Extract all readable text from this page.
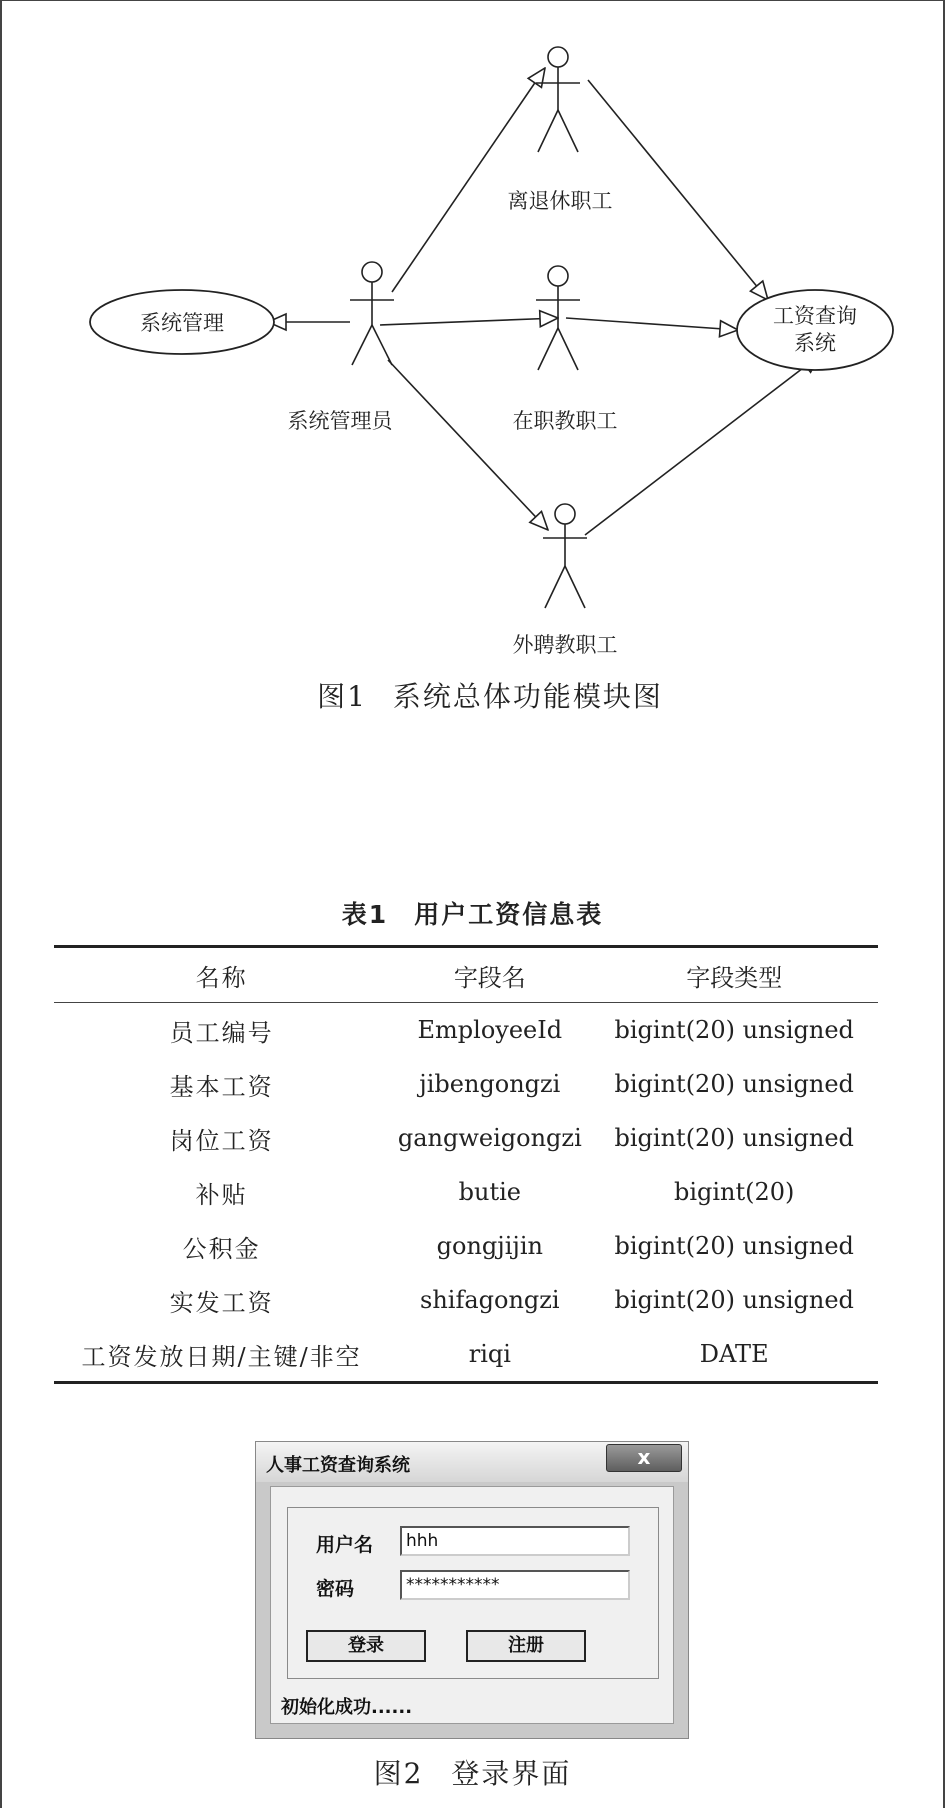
系统管理	工资查询
系统
系统管理员
离退休职工
在职教职工
外聘教职工
图1 系统总体功能模块图
表1 用户工资信息表
名称	字段名	字段类型
员工编号	EmployeeId	bigint(20) unsigned
基本工资	jibengongzi	bigint(20) unsigned
岗位工资	gangweigongzi	bigint(20) unsigned
补贴	butie	bigint(20)
公积金	gongjijin	bigint(20) unsigned
实发工资	shifagongzi	bigint(20) unsigned
工资发放日期/主键/非空	riqi	DATE
人事工资查询系统	x
用户名
hhh
密码
***********
登录	注册
初始化成功......
图2 登录界面
